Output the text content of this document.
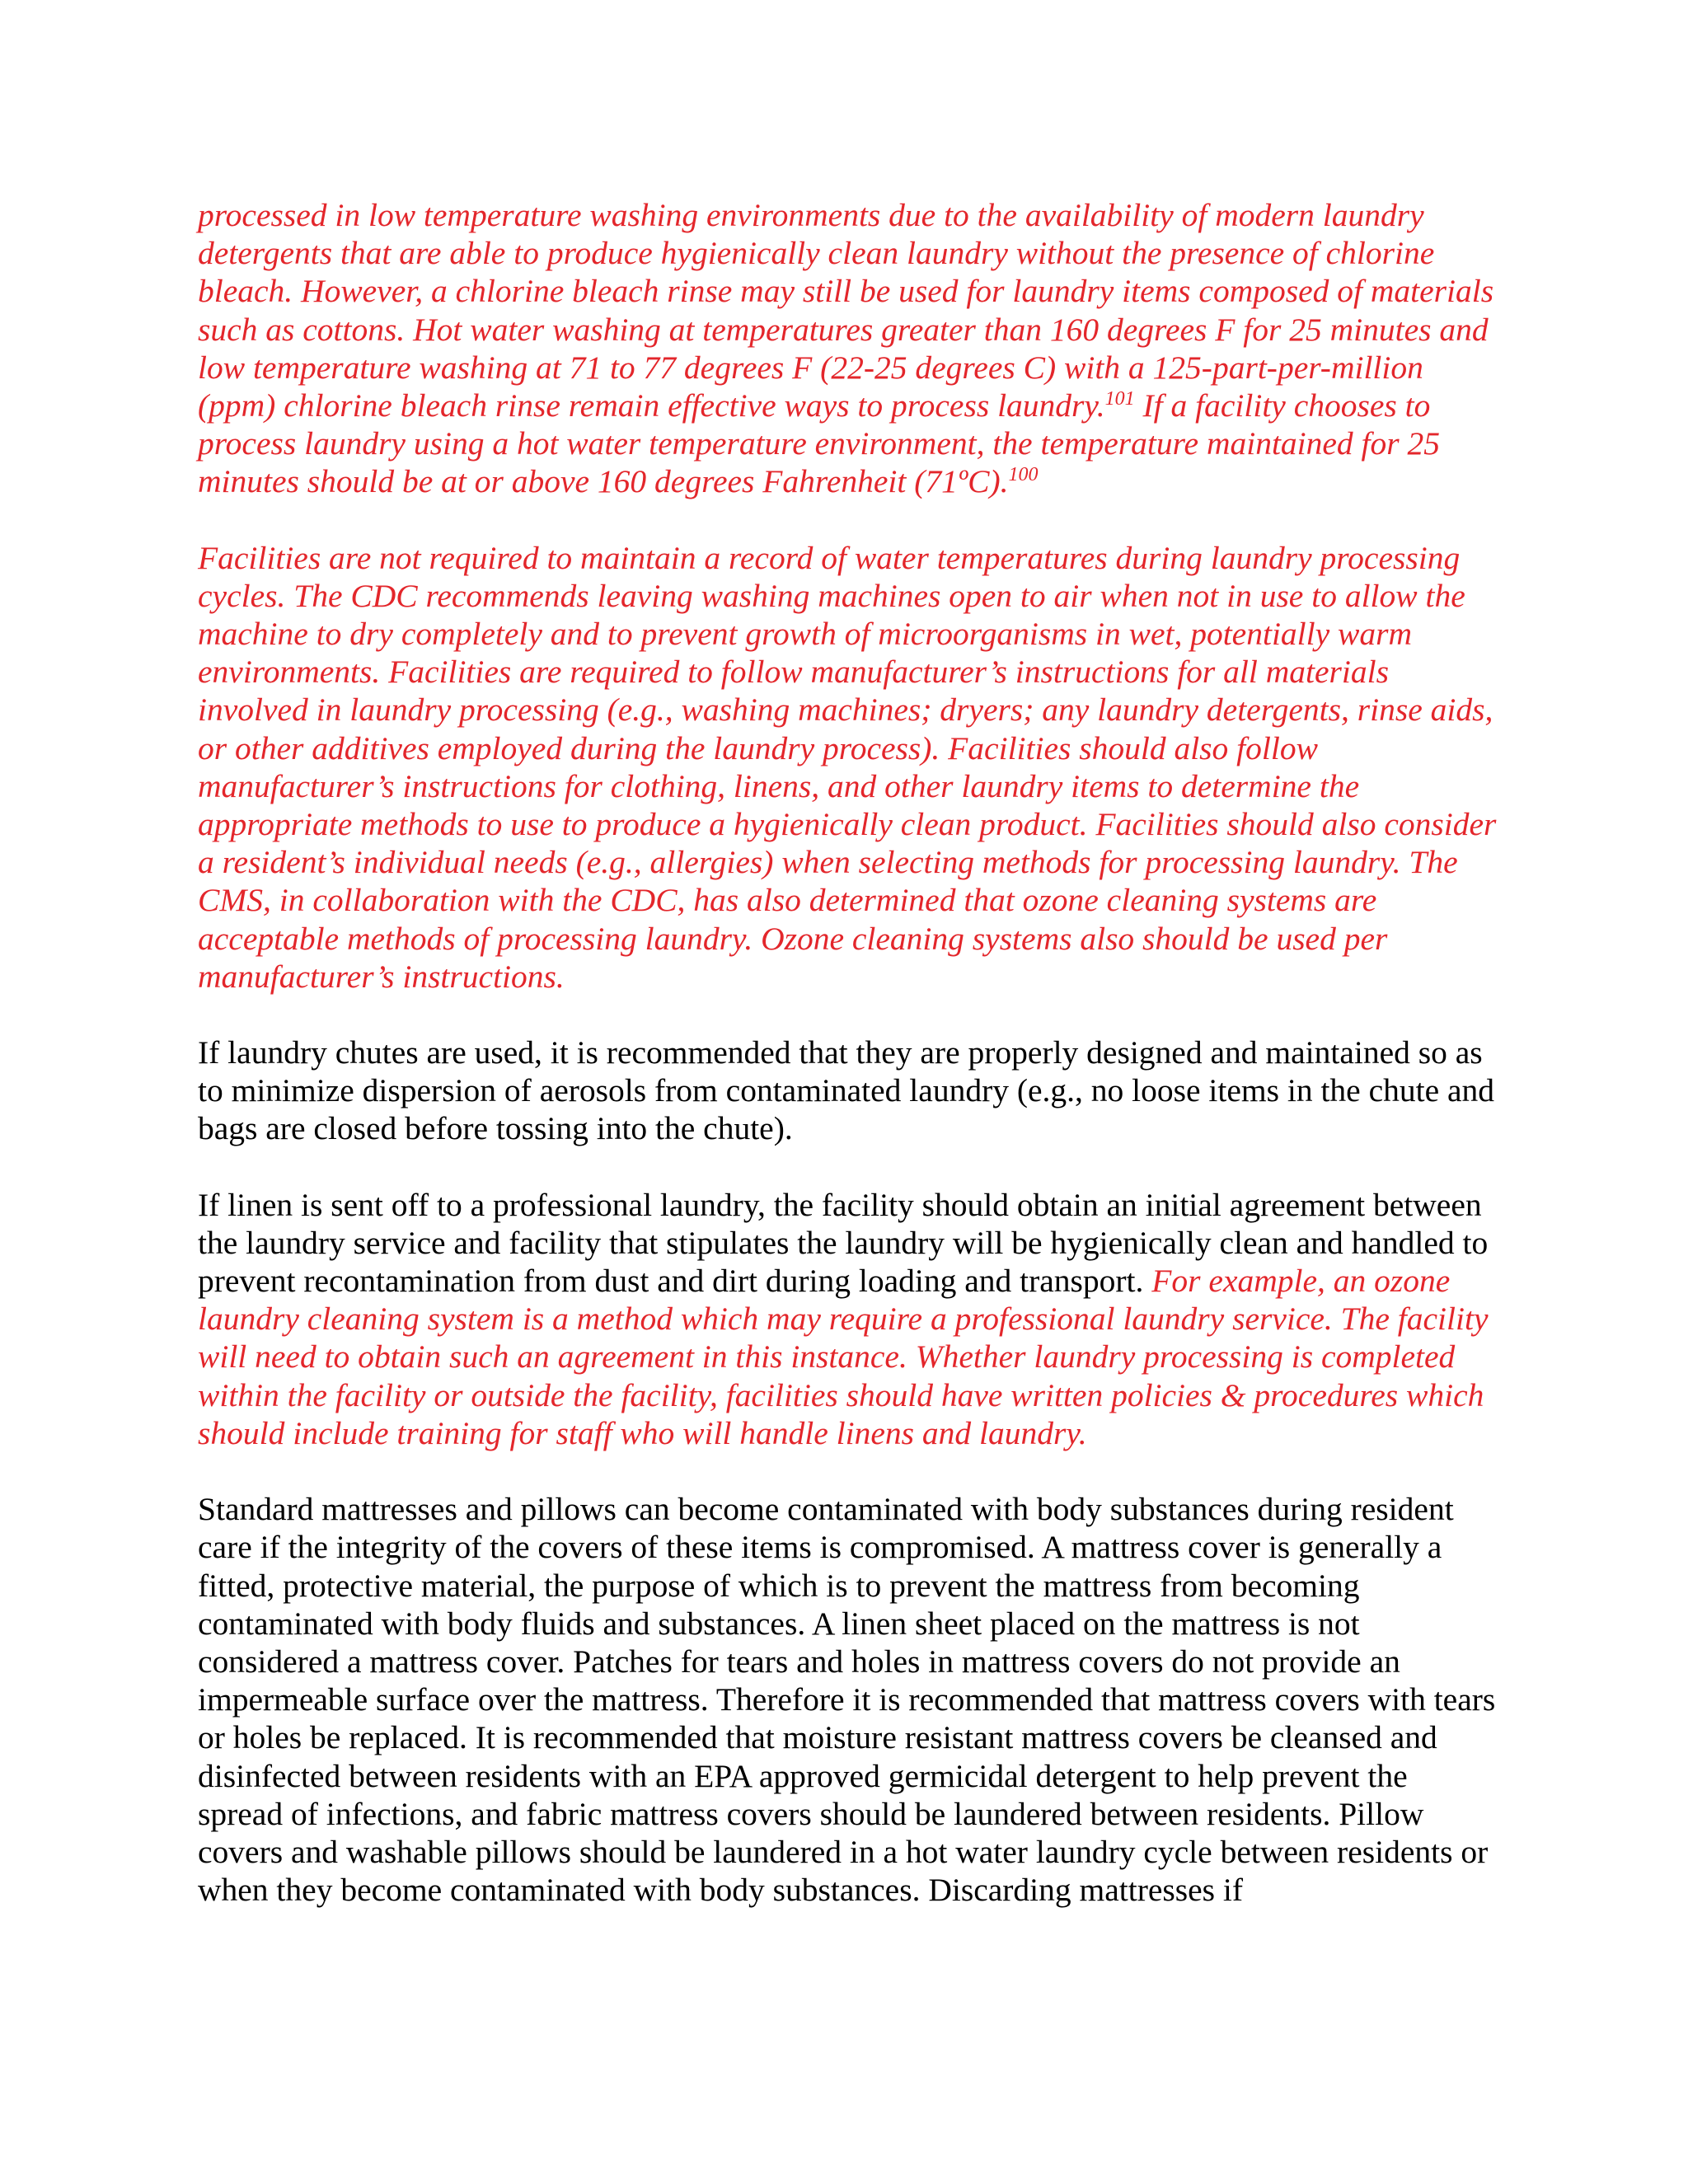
processed in low temperature washing environments due to the availability of modern laundry detergents that are able to produce hygienically clean laundry without the presence of chlorine bleach. However, a chlorine bleach rinse may still be used for laundry items composed of materials such as cottons. Hot water washing at temperatures greater than 160 degrees F for 25 minutes and low temperature washing at 71 to 77 degrees F (22-25 degrees C) with a 125-part-per-million (ppm) chlorine bleach rinse remain effective ways to process laundry.$^{101}$ If a facility chooses to process laundry using a hot water temperature environment, the temperature maintained for 25 minutes should be at or above 160 degrees Fahrenheit (71ºC).$^{100}$

Facilities are not required to maintain a record of water temperatures during laundry processing cycles. The CDC recommends leaving washing machines open to air when not in use to allow the machine to dry completely and to prevent growth of microorganisms in wet, potentially warm environments. Facilities are required to follow manufacturer’s instructions for all materials involved in laundry processing (e.g., washing machines; dryers; any laundry detergents, rinse aids, or other additives employed during the laundry process). Facilities should also follow manufacturer’s instructions for clothing, linens, and other laundry items to determine the appropriate methods to use to produce a hygienically clean product. Facilities should also consider a resident’s individual needs (e.g., allergies) when selecting methods for processing laundry. The CMS, in collaboration with the CDC, has also determined that ozone cleaning systems are acceptable methods of processing laundry. Ozone cleaning systems also should be used per manufacturer’s instructions.

If laundry chutes are used, it is recommended that they are properly designed and maintained so as to minimize dispersion of aerosols from contaminated laundry (e.g., no loose items in the chute and bags are closed before tossing into the chute).

If linen is sent off to a professional laundry, the facility should obtain an initial agreement between the laundry service and facility that stipulates the laundry will be hygienically clean and handled to prevent recontamination from dust and dirt during loading and transport. For example, an ozone laundry cleaning system is a method which may require a professional laundry service. The facility will need to obtain such an agreement in this instance. Whether laundry processing is completed within the facility or outside the facility, facilities should have written policies & procedures which should include training for staff who will handle linens and laundry.

Standard mattresses and pillows can become contaminated with body substances during resident care if the integrity of the covers of these items is compromised. A mattress cover is generally a fitted, protective material, the purpose of which is to prevent the mattress from becoming contaminated with body fluids and substances. A linen sheet placed on the mattress is not considered a mattress cover. Patches for tears and holes in mattress covers do not provide an impermeable surface over the mattress. Therefore it is recommended that mattress covers with tears or holes be replaced. It is recommended that moisture resistant mattress covers be cleansed and disinfected between residents with an EPA approved germicidal detergent to help prevent the spread of infections, and fabric mattress covers should be laundered between residents. Pillow covers and washable pillows should be laundered in a hot water laundry cycle between residents or when they become contaminated with body substances. Discarding mattresses if
